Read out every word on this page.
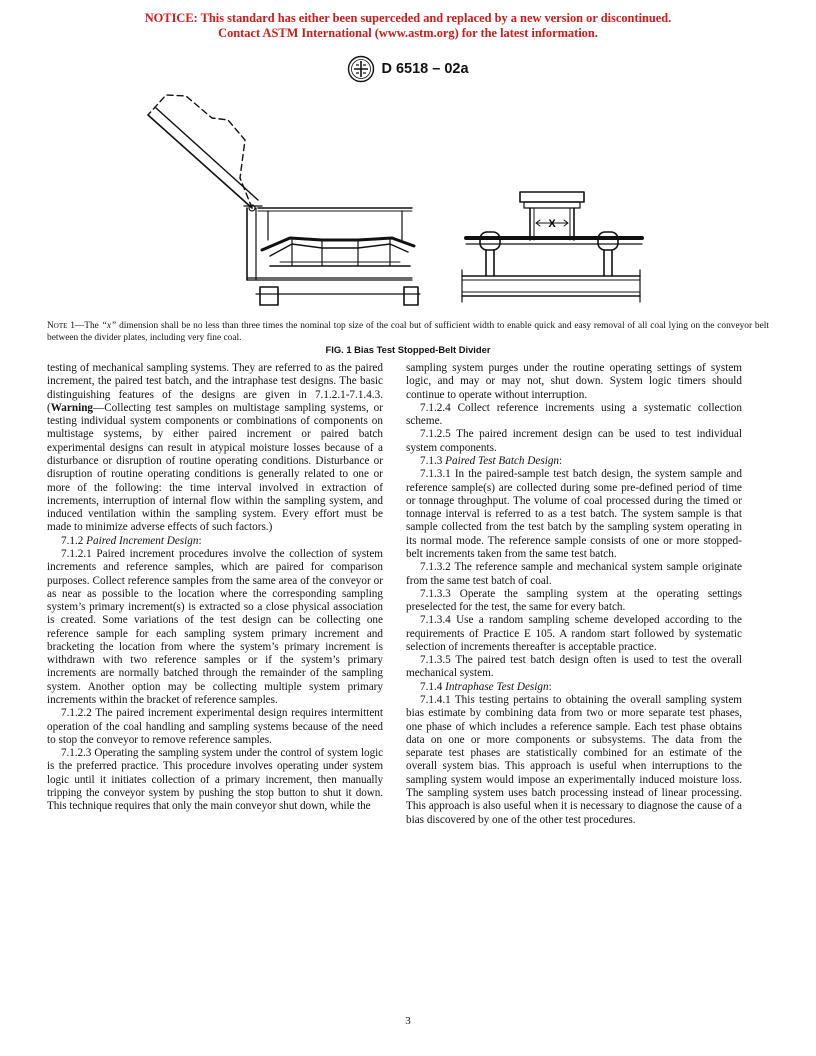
NOTICE: This standard has either been superceded and replaced by a new version or discontinued.
Contact ASTM International (www.astm.org) for the latest information.
D 6518 – 02a
X
Note 1—The “x” dimension shall be no less than three times the nominal top size of the coal but of sufficient width to enable quick and easy removal of all coal lying on the conveyor belt between the divider plates, including very fine coal.
FIG. 1 Bias Test Stopped-Belt Divider

testing of mechanical sampling systems. They are referred to as the paired increment, the paired test batch, and the intraphase test designs. The basic distinguishing features of the designs are given in 7.1.2.1-7.1.4.3. (Warning—Collecting test samples on multistage sampling systems, or testing individual system components or combinations of components on multistage systems, by either paired increment or paired batch experimental designs can result in atypical moisture losses because of a disturbance or disruption of routine operating conditions. Disturbance or disruption of routine operating conditions is generally related to one or more of the following: the time interval involved in extraction of increments, interruption of internal flow within the sampling system, and induced ventilation within the sampling system. Every effort must be made to minimize adverse effects of such factors.)

7.1.2 Paired Increment Design:

7.1.2.1 Paired increment procedures involve the collection of system increments and reference samples, which are paired for comparison purposes. Collect reference samples from the same area of the conveyor or as near as possible to the location where the corresponding sampling system’s primary increment(s) is extracted so a close physical association is created. Some variations of the test design can be collecting one reference sample for each sampling system primary increment and bracketing the location from where the system’s primary increment is withdrawn with two reference samples or if the system’s primary increments are normally batched through the remainder of the sampling system. Another option may be collecting multiple system primary increments within the bracket of reference samples.

7.1.2.2 The paired increment experimental design requires intermittent operation of the coal handling and sampling systems because of the need to stop the conveyor to remove reference samples.

7.1.2.3 Operating the sampling system under the control of system logic is the preferred practice. This procedure involves operating under system logic until it initiates collection of a primary increment, then manually tripping the conveyor system by pushing the stop button to shut it down. This technique requires that only the main conveyor shut down, while the

sampling system purges under the routine operating settings of system logic, and may or may not, shut down. System logic timers should continue to operate without interruption.

7.1.2.4 Collect reference increments using a systematic collection scheme.

7.1.2.5 The paired increment design can be used to test individual system components.

7.1.3 Paired Test Batch Design:

7.1.3.1 In the paired-sample test batch design, the system sample and reference sample(s) are collected during some pre-defined period of time or tonnage throughput. The volume of coal processed during the timed or tonnage interval is referred to as a test batch. The system sample is that sample collected from the test batch by the sampling system operating in its normal mode. The reference sample consists of one or more stopped-belt increments taken from the same test batch.

7.1.3.2 The reference sample and mechanical system sample originate from the same test batch of coal.

7.1.3.3 Operate the sampling system at the operating settings preselected for the test, the same for every batch.

7.1.3.4 Use a random sampling scheme developed according to the requirements of Practice E 105. A random start followed by systematic selection of increments thereafter is acceptable practice.

7.1.3.5 The paired test batch design often is used to test the overall mechanical system.

7.1.4 Intraphase Test Design:

7.1.4.1 This testing pertains to obtaining the overall sampling system bias estimate by combining data from two or more separate test phases, one phase of which includes a reference sample. Each test phase obtains data on one or more components or subsystems. The data from the separate test phases are statistically combined for an estimate of the overall system bias. This approach is useful when interruptions to the sampling system would impose an experimentally induced moisture loss. The sampling system uses batch processing instead of linear processing. This approach is also useful when it is necessary to diagnose the cause of a bias discovered by one of the other test procedures.

3
